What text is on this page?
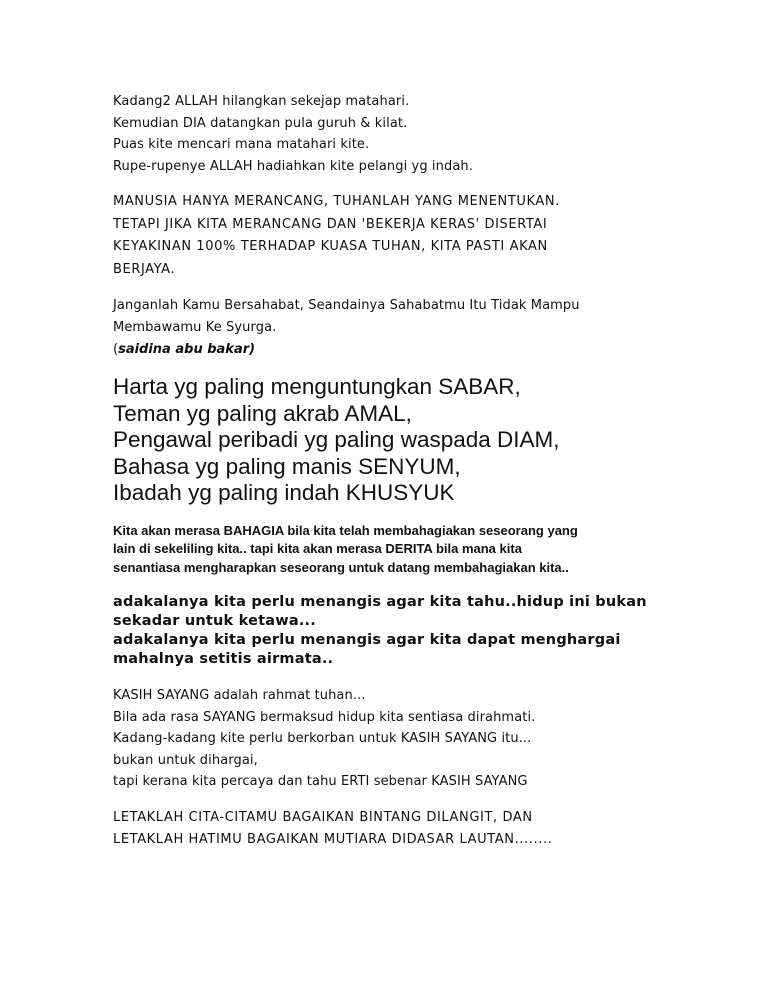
Kadang2 ALLAH hilangkan sekejap matahari.
Kemudian DIA datangkan pula guruh & kilat.
Puas kite mencari mana matahari kite.
Rupe-rupenye ALLAH hadiahkan kite pelangi yg indah.
MANUSIA HANYA MERANCANG, TUHANLAH YANG MENENTUKAN.
TETAPI JIKA KITA MERANCANG DAN 'BEKERJA KERAS' DISERTAI
KEYAKINAN 100% TERHADAP KUASA TUHAN, KITA PASTI AKAN
BERJAYA.
Janganlah Kamu Bersahabat, Seandainya Sahabatmu Itu Tidak Mampu
Membawamu Ke Syurga.
(saidina abu bakar)
Harta yg paling menguntungkan SABAR,
Teman yg paling akrab AMAL,
Pengawal peribadi yg paling waspada DIAM,
Bahasa yg paling manis SENYUM,
Ibadah yg paling indah KHUSYUK
Kita akan merasa BAHAGIA bila kita telah membahagiakan seseorang yang
lain di sekeliling kita.. tapi kita akan merasa DERITA bila mana kita
senantiasa mengharapkan seseorang untuk datang membahagiakan kita..
adakalanya kita perlu menangis agar kita tahu..hidup ini bukan
sekadar untuk ketawa...
adakalanya kita perlu menangis agar kita dapat menghargai
mahalnya setitis airmata..
KASIH SAYANG adalah rahmat tuhan...
Bila ada rasa SAYANG bermaksud hidup kita sentiasa dirahmati.
Kadang-kadang kite perlu berkorban untuk KASIH SAYANG itu...
bukan untuk dihargai,
tapi kerana kita percaya dan tahu ERTI sebenar KASIH SAYANG
LETAKLAH CITA-CITAMU BAGAIKAN BINTANG DILANGIT, DAN
LETAKLAH HATIMU BAGAIKAN MUTIARA DIDASAR LAUTAN........
